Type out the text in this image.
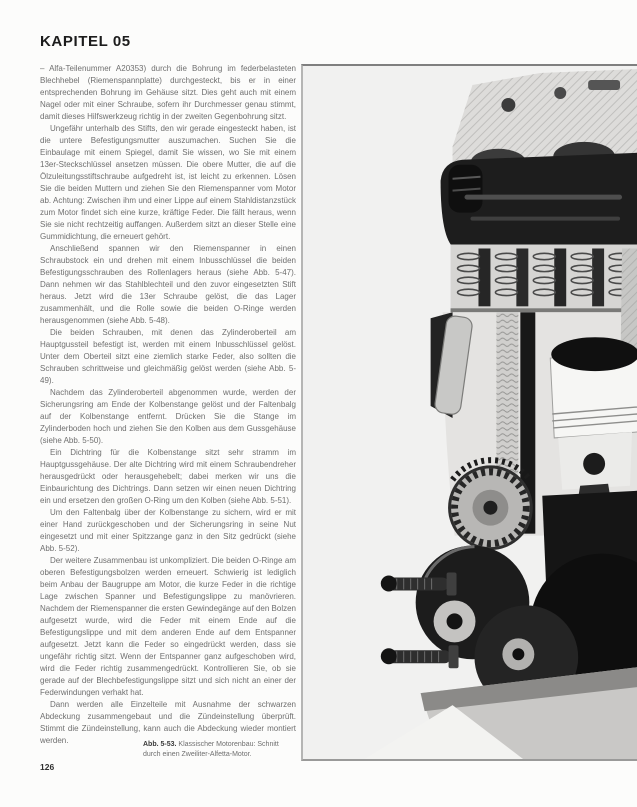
KAPITEL 05

– Alfa-Teilenummer A20353) durch die Bohrung im federbelasteten Blechhebel (Riemenspannplatte) durchgesteckt, bis er in einer entsprechenden Bohrung im Gehäuse sitzt. Dies geht auch mit einem Nagel oder mit einer Schraube, sofern ihr Durchmesser genau stimmt, damit dieses Hilfswerkzeug richtig in der zweiten Gegenbohrung sitzt.

Ungefähr unterhalb des Stifts, den wir gerade eingesteckt haben, ist die untere Befestigungsmutter auszumachen. Suchen Sie die Einbaulage mit einem Spiegel, damit Sie wissen, wo Sie mit einem 13er-Steckschlüssel ansetzen müssen. Die obere Mutter, die auf die Ölzuleitungsstiftschraube aufgedreht ist, ist leicht zu erkennen. Lösen Sie die beiden Muttern und ziehen Sie den Riemenspanner vom Motor ab. Achtung: Zwischen ihm und einer Lippe auf einem Stahldistanzstück zum Motor findet sich eine kurze, kräftige Feder. Die fällt heraus, wenn Sie sie nicht rechtzeitig auffangen. Außerdem sitzt an dieser Stelle eine Gummidichtung, die erneuert gehört.

Anschließend spannen wir den Riemenspanner in einen Schraubstock ein und drehen mit einem Inbusschlüssel die beiden Befestigungsschrauben des Rollenlagers heraus (siehe Abb. 5-47). Dann nehmen wir das Stahlblechteil und den zuvor eingesetzten Stift heraus. Jetzt wird die 13er Schraube gelöst, die das Lager zusammenhält, und die Rolle sowie die beiden O-Ringe werden herausgenommen (siehe Abb. 5-48).

Die beiden Schrauben, mit denen das Zylinderoberteil am Hauptgussteil befestigt ist, werden mit einem Inbusschlüssel gelöst. Unter dem Oberteil sitzt eine ziemlich starke Feder, also sollten die Schrauben schrittweise und gleichmäßig gelöst werden (siehe Abb. 5-49).

Nachdem das Zylinderoberteil abgenommen wurde, werden der Sicherungsring am Ende der Kolbenstange gelöst und der Faltenbalg auf der Kolbenstange entfernt. Drücken Sie die Stange im Zylinderboden hoch und ziehen Sie den Kolben aus dem Gussgehäuse (siehe Abb. 5-50).

Ein Dichtring für die Kolbenstange sitzt sehr stramm im Hauptgussgehäuse. Der alte Dichtring wird mit einem Schraubendreher herausgedrückt oder herausgehebelt; dabei merken wir uns die Einbaurichtung des Dichtrings. Dann setzen wir einen neuen Dichtring ein und ersetzen den großen O-Ring um den Kolben (siehe Abb. 5-51).

Um den Faltenbalg über der Kolbenstange zu sichern, wird er mit einer Hand zurückgeschoben und der Sicherungsring in seine Nut eingesetzt und mit einer Spitzzange ganz in den Sitz gedrückt (siehe Abb. 5-52).

Der weitere Zusammenbau ist unkompliziert. Die beiden O-Ringe am oberen Befestigungsbolzen werden erneuert. Schwierig ist lediglich beim Anbau der Baugruppe am Motor, die kurze Feder in die richtige Lage zwischen Spanner und Befestigungslippe zu manövrieren. Nachdem der Riemenspanner die ersten Gewindegänge auf den Bolzen aufgesetzt wurde, wird die Feder mit einem Ende auf die Befestigungslippe und mit dem anderen Ende auf dem Entspanner aufgesetzt. Jetzt kann die Feder so eingedrückt werden, dass sie ungefähr richtig sitzt. Wenn der Entspanner ganz aufgeschoben wird, wird die Feder richtig zusammengedrückt. Kontrollieren Sie, ob sie gerade auf der Blechbefestigungslippe sitzt und sich nicht an einer der Federwindungen verhakt hat.

Dann werden alle Einzelteile mit Ausnahme der schwarzen Abdeckung zusammengebaut und die Zündeinstellung überprüft. Stimmt die Zündeinstellung, kann auch die Abdeckung wieder montiert werden.	Abb. 5-53. Klassischer Motorenbau: Schnitt durch einen Zweiliter-Alfetta-Motor.
126
